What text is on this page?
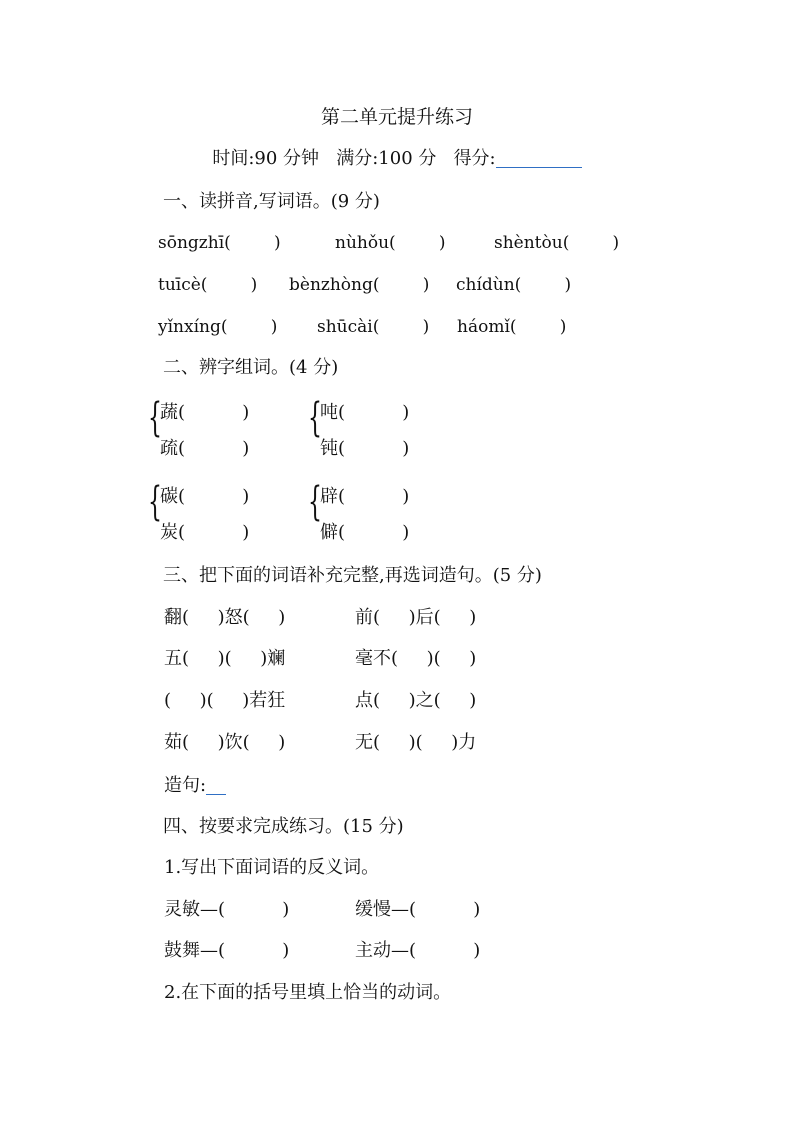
第二单元提升练习
时间:90 分钟 满分:100 分 得分:
一、读拼音,写词语。(9 分)
sōngzhī(        )	nùhǒu(        )	shèntòu(        )
tuīcè(        ) bènzhòng(        ) chídùn(        )
yǐnxíng(        ) shūcài(        ) háomǐ(        )
二、辨字组词。(4 分)
{
蔬(          )
疏(          )
{
吨(          )
钝(          )
{
碳(          )
炭(          )
{
辟(          )
僻(          )
三、把下面的词语补充完整,再选词造句。(5 分)
翻(     )怒(     )	前(     )后(     )
五(     )(     )斓	毫不(     )(     )
(     )(     )若狂	点(     )之(     )
茹(     )饮(     )	无(     )(     )力
造句:
四、按要求完成练习。(15 分)
1.写出下面词语的反义词。
灵敏—(          )	缓慢—(          )
鼓舞—(          )	主动—(          )
2.在下面的括号里填上恰当的动词。
